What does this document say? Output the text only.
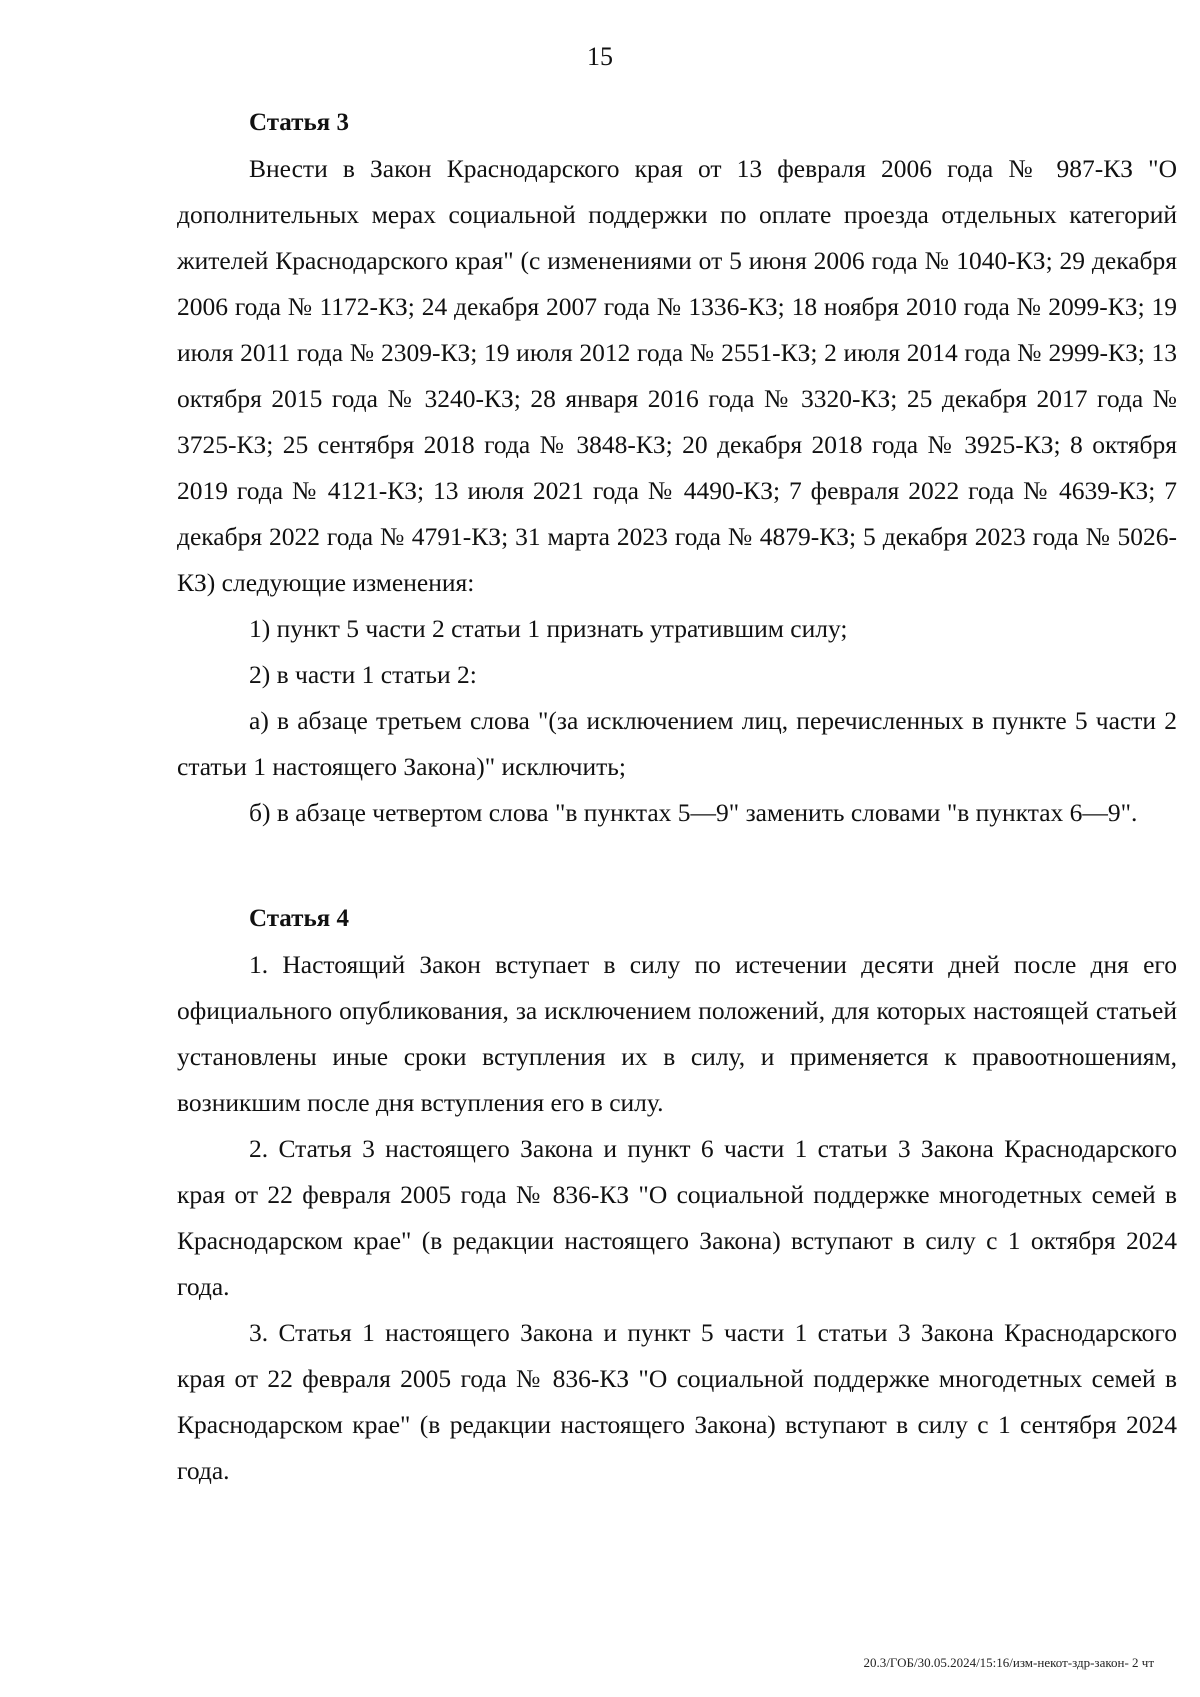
15
Статья 3

Внести в Закон Краснодарского края от 13 февраля 2006 года № 987-КЗ "О дополнительных мерах социальной поддержки по оплате проезда отдельных категорий жителей Краснодарского края" (с изменениями от 5 июня 2006 года № 1040-КЗ; 29 декабря 2006 года № 1172-КЗ; 24 декабря 2007 года № 1336-КЗ; 18 ноября 2010 года № 2099-КЗ; 19 июля 2011 года № 2309-КЗ; 19 июля 2012 года № 2551-КЗ; 2 июля 2014 года № 2999-КЗ; 13 октября 2015 года № 3240-КЗ; 28 января 2016 года № 3320-КЗ; 25 декабря 2017 года № 3725-КЗ; 25 сентября 2018 года № 3848-КЗ; 20 декабря 2018 года № 3925-КЗ; 8 октября 2019 года № 4121-КЗ; 13 июля 2021 года № 4490-КЗ; 7 февраля 2022 года № 4639-КЗ; 7 декабря 2022 года № 4791-КЗ; 31 марта 2023 года № 4879-КЗ; 5 декабря 2023 года № 5026-КЗ) следующие изменения:

1) пункт 5 части 2 статьи 1 признать утратившим силу;

2) в части 1 статьи 2:

а) в абзаце третьем слова "(за исключением лиц, перечисленных в пункте 5 части 2 статьи 1 настоящего Закона)" исключить;

б) в абзаце четвертом слова "в пунктах 5—9" заменить словами "в пунктах 6—9".

Статья 4

1. Настоящий Закон вступает в силу по истечении десяти дней после дня его официального опубликования, за исключением положений, для которых настоящей статьей установлены иные сроки вступления их в силу, и применяется к правоотношениям, возникшим после дня вступления его в силу.

2. Статья 3 настоящего Закона и пункт 6 части 1 статьи 3 Закона Краснодарского края от 22 февраля 2005 года № 836-КЗ "О социальной поддержке многодетных семей в Краснодарском крае" (в редакции настоящего Закона) вступают в силу с 1 октября 2024 года.

3. Статья 1 настоящего Закона и пункт 5 части 1 статьи 3 Закона Краснодарского края от 22 февраля 2005 года № 836-КЗ "О социальной поддержке многодетных семей в Краснодарском крае" (в редакции настоящего Закона) вступают в силу с 1 сентября 2024 года.

20.3/ГОБ/30.05.2024/15:16/изм-некот-здр-закон- 2 чт
